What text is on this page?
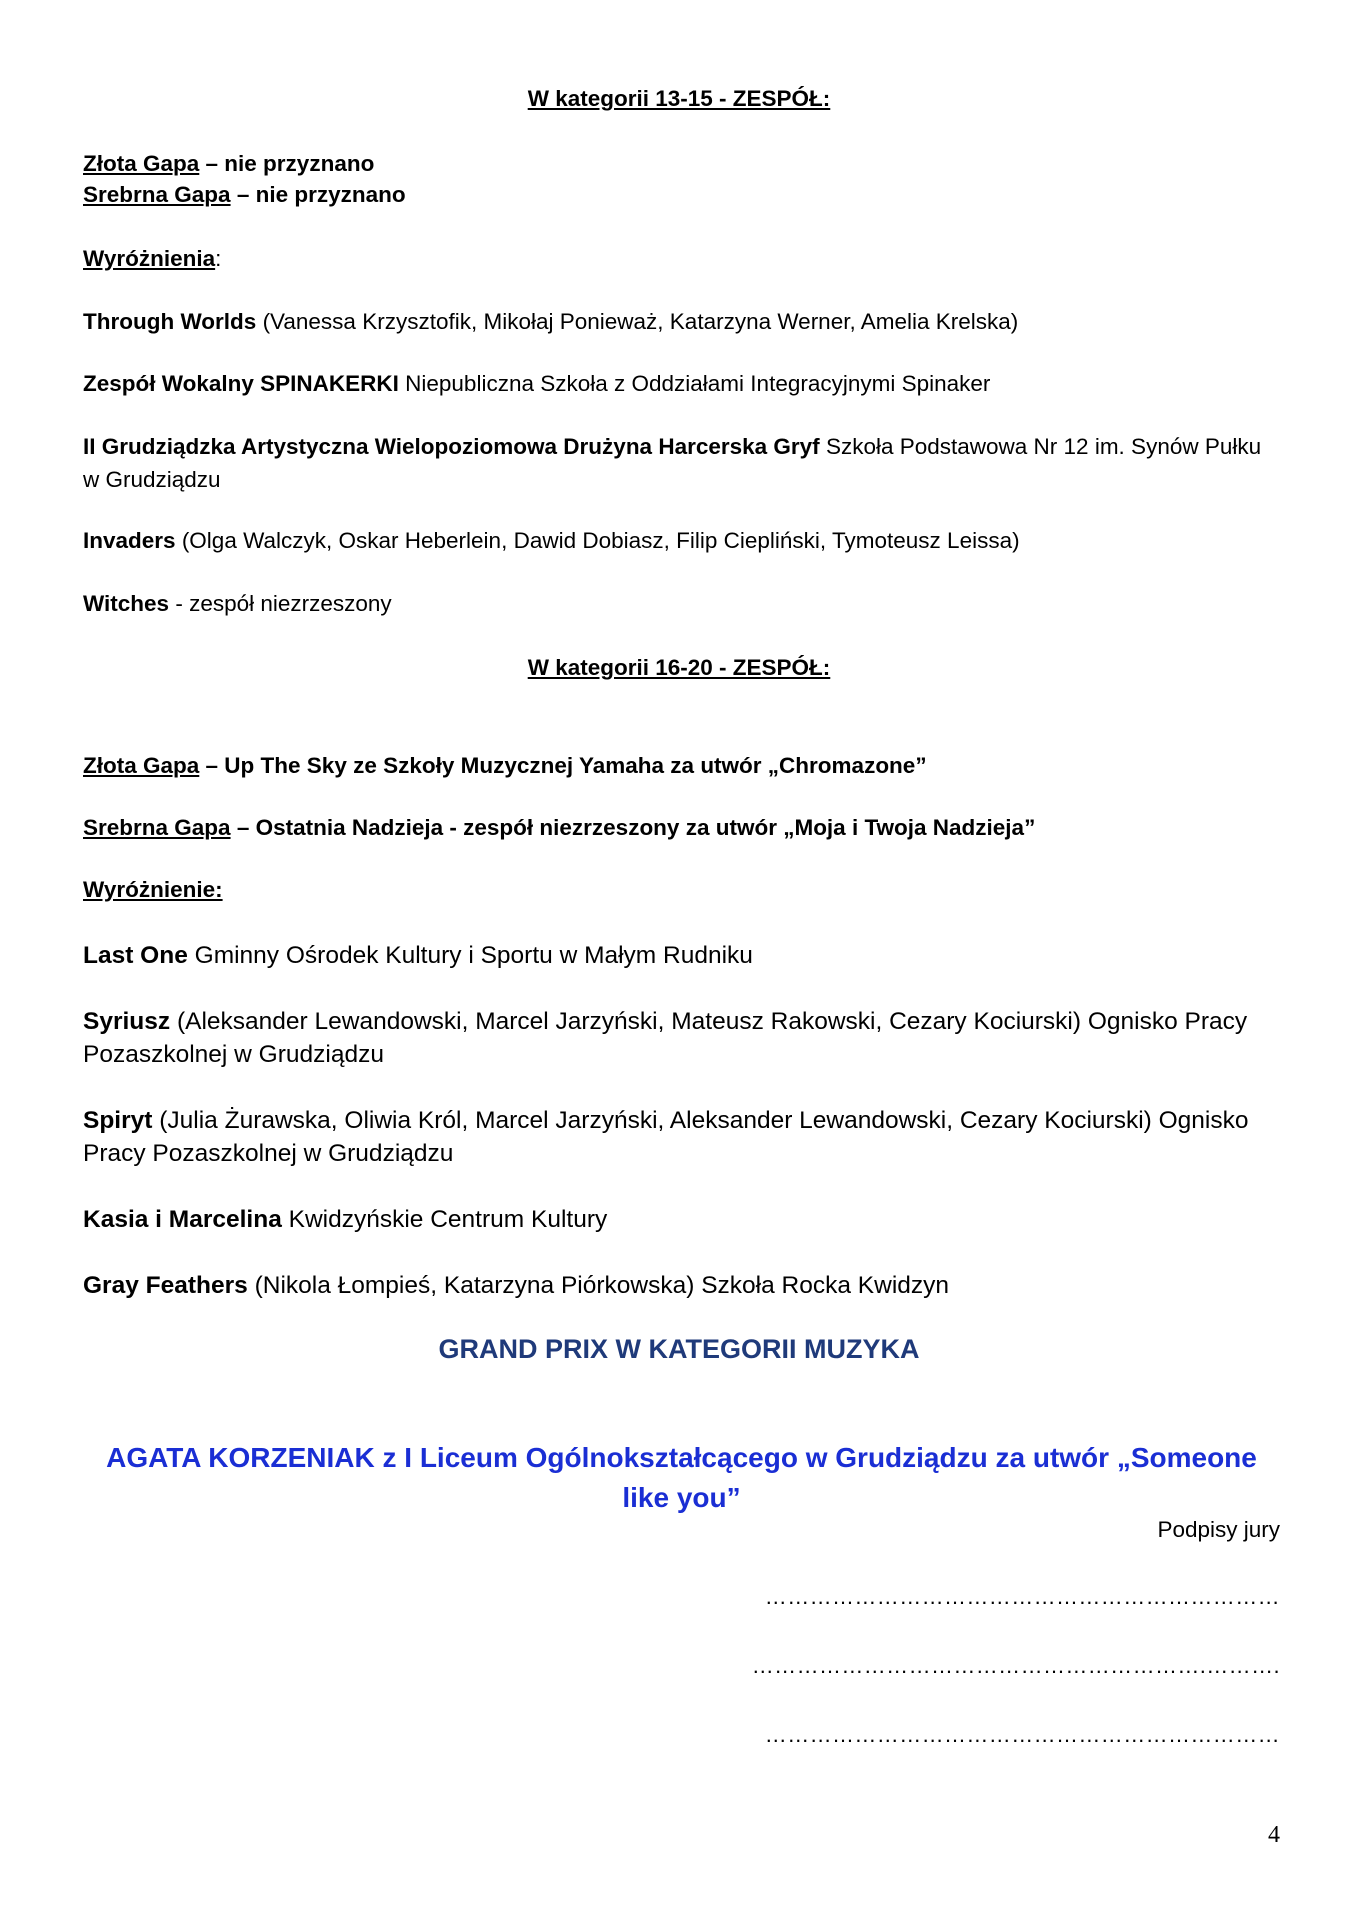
W kategorii 13-15 - ZESPÓŁ:
Złota Gapa – nie przyznano
Srebrna Gapa – nie przyznano
Wyróżnienia:
Through Worlds (Vanessa Krzysztofik, Mikołaj Ponieważ, Katarzyna Werner, Amelia Krelska)
Zespół Wokalny SPINAKERKI Niepubliczna Szkoła z Oddziałami Integracyjnymi Spinaker
II Grudziądzka Artystyczna Wielopoziomowa Drużyna Harcerska Gryf Szkoła Podstawowa Nr 12 im. Synów Pułku w Grudziądzu
Invaders (Olga Walczyk, Oskar Heberlein, Dawid Dobiasz, Filip Ciepliński, Tymoteusz Leissa)
Witches - zespół niezrzeszony
W kategorii 16-20 - ZESPÓŁ:
Złota Gapa – Up The Sky ze Szkoły Muzycznej Yamaha za utwór „Chromazone”
Srebrna Gapa – Ostatnia Nadzieja - zespół niezrzeszony za utwór „Moja i Twoja Nadzieja”
Wyróżnienie:
Last One Gminny Ośrodek Kultury i Sportu w Małym Rudniku
Syriusz (Aleksander Lewandowski, Marcel Jarzyński, Mateusz Rakowski, Cezary Kociurski) Ognisko Pracy Pozaszkolnej w Grudziądzu
Spiryt (Julia Żurawska, Oliwia Król, Marcel Jarzyński, Aleksander Lewandowski, Cezary Kociurski) Ognisko Pracy Pozaszkolnej w Grudziądzu
Kasia i Marcelina Kwidzyńskie Centrum Kultury
Gray Feathers (Nikola Łompieś, Katarzyna Piórkowska) Szkoła Rocka Kwidzyn
GRAND PRIX W KATEGORII MUZYKA
AGATA KORZENIAK z I Liceum Ogólnokształcącego w Grudziądzu za utwór „Someone like you”
Podpisy jury
……………………………………………………………
…………………………………………………….……….
……………………………………………………………
4
